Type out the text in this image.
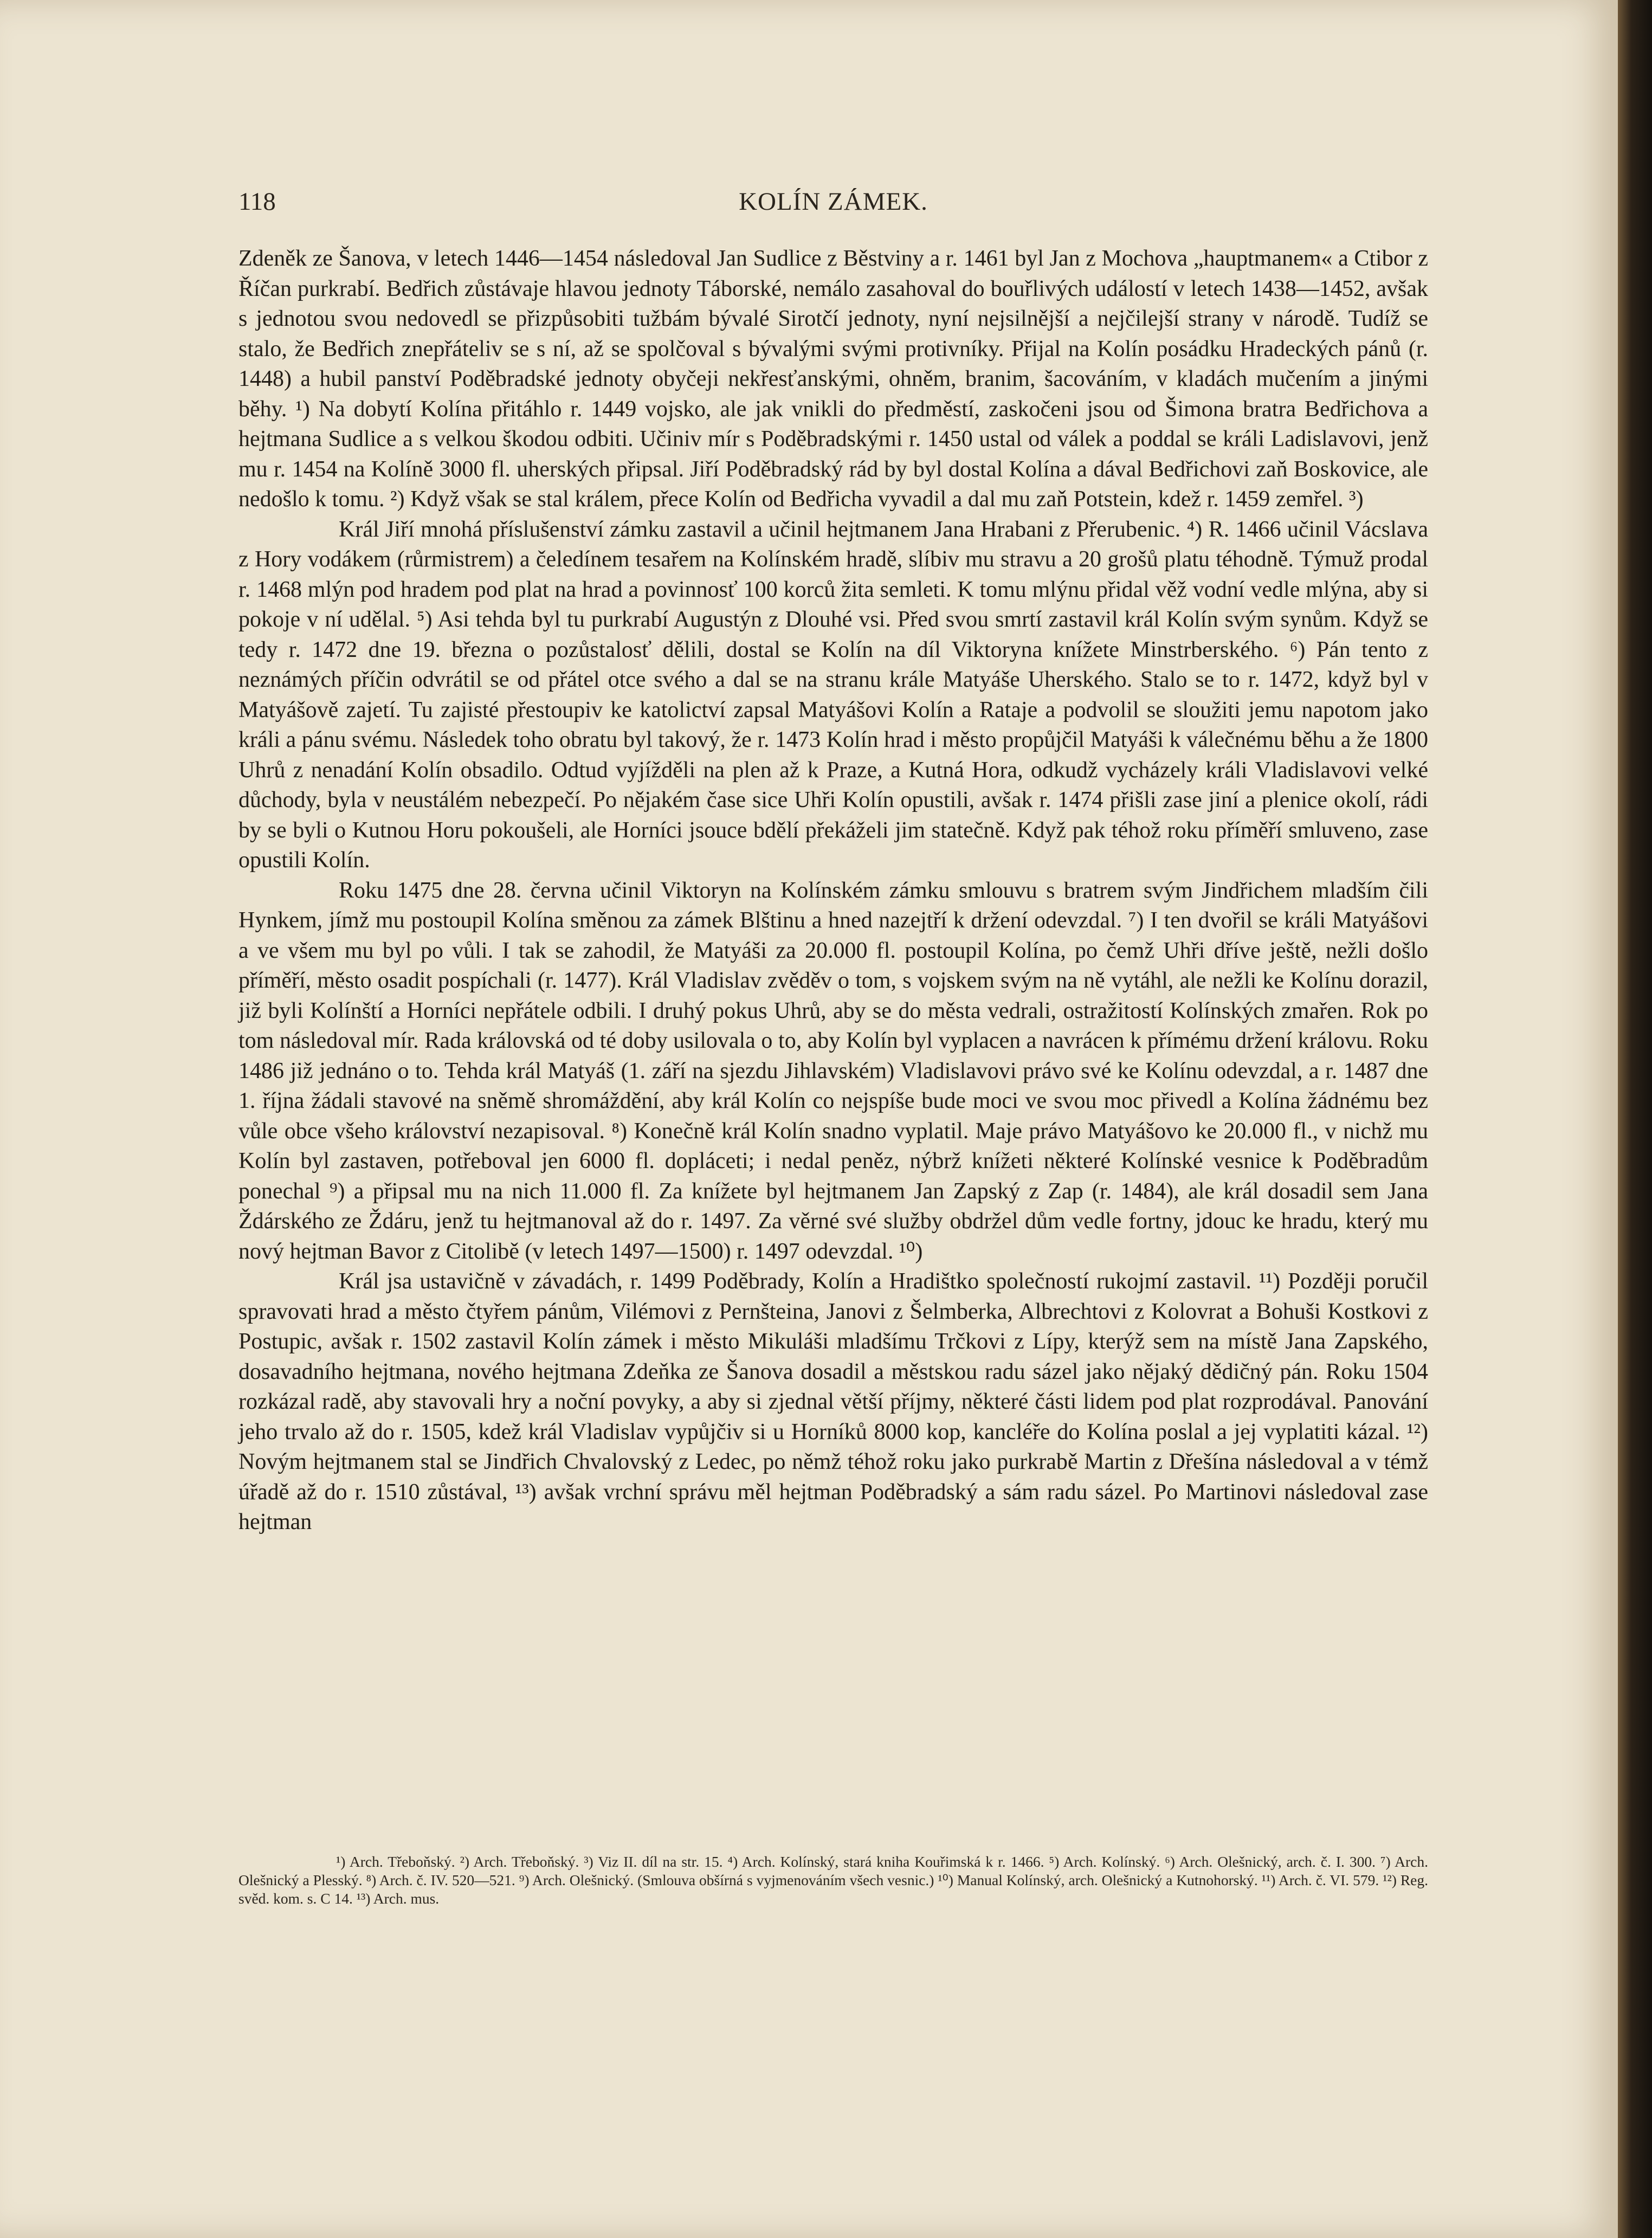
118	KOLÍN ZÁMEK.

Zdeněk ze Šanova, v letech 1446—1454 následoval Jan Sudlice z Běstviny a r. 1461 byl Jan z Mochova „hauptmanem« a Ctibor z Říčan purkrabí. Bedřich zůstávaje hlavou jednoty Táborské, nemálo zasahoval do bouřlivých událostí v letech 1438—1452, avšak s jednotou svou nedovedl se přizpůsobiti tužbám bývalé Sirotčí jednoty, nyní nejsilnější a nejčilejší strany v národě. Tudíž se stalo, že Bedřich znepřáteliv se s ní, až se spolčoval s bývalými svými protivníky. Přijal na Kolín posádku Hradeckých pánů (r. 1448) a hubil panství Poděbradské jednoty obyčeji nekřesťanskými, ohněm, branim, šacováním, v kladách mučením a jinými běhy. ¹) Na dobytí Kolína přitáhlo r. 1449 vojsko, ale jak vnikli do předměstí, zaskočeni jsou od Šimona bratra Bedřichova a hejtmana Sudlice a s velkou škodou odbiti. Učiniv mír s Poděbradskými r. 1450 ustal od válek a poddal se králi Ladislavovi, jenž mu r. 1454 na Kolíně 3000 fl. uherských připsal. Jiří Poděbradský rád by byl dostal Kolína a dával Bedřichovi zaň Boskovice, ale nedošlo k tomu. ²) Když však se stal králem, přece Kolín od Bedřicha vyvadil a dal mu zaň Potstein, kdež r. 1459 zemřel. ³)

Král Jiří mnohá příslušenství zámku zastavil a učinil hejtmanem Jana Hrabani z Přerubenic. ⁴) R. 1466 učinil Vácslava z Hory vodákem (růrmistrem) a čeledínem tesařem na Kolínském hradě, slíbiv mu stravu a 20 grošů platu téhodně. Týmuž prodal r. 1468 mlýn pod hradem pod plat na hrad a povinnosť 100 korců žita semleti. K tomu mlýnu přidal věž vodní vedle mlýna, aby si pokoje v ní udělal. ⁵) Asi tehda byl tu purkrabí Augustýn z Dlouhé vsi. Před svou smrtí zastavil král Kolín svým synům. Když se tedy r. 1472 dne 19. března o pozůstalosť dělili, dostal se Kolín na díl Viktoryna knížete Minstrberského. ⁶) Pán tento z neznámých příčin odvrátil se od přátel otce svého a dal se na stranu krále Matyáše Uherského. Stalo se to r. 1472, když byl v Matyášově zajetí. Tu zajisté přestoupiv ke katolictví zapsal Matyášovi Kolín a Rataje a podvolil se sloužiti jemu napotom jako králi a pánu svému. Následek toho obratu byl takový, že r. 1473 Kolín hrad i město propůjčil Matyáši k válečnému běhu a že 1800 Uhrů z nenadání Kolín obsadilo. Odtud vyjížděli na plen až k Praze, a Kutná Hora, odkudž vycházely králi Vladislavovi velké důchody, byla v neustálém nebezpečí. Po nějakém čase sice Uhři Kolín opustili, avšak r. 1474 přišli zase jiní a plenice okolí, rádi by se byli o Kutnou Horu pokoušeli, ale Horníci jsouce bdělí překáželi jim statečně. Když pak téhož roku příměří smluveno, zase opustili Kolín.

Roku 1475 dne 28. června učinil Viktoryn na Kolínském zámku smlouvu s bratrem svým Jindřichem mladším čili Hynkem, jímž mu postoupil Kolína směnou za zámek Blštinu a hned nazejtří k držení odevzdal. ⁷) I ten dvořil se králi Matyášovi a ve všem mu byl po vůli. I tak se zahodil, že Matyáši za 20.000 fl. postoupil Kolína, po čemž Uhři dříve ještě, nežli došlo příměří, město osadit pospíchali (r. 1477). Král Vladislav zvěděv o tom, s vojskem svým na ně vytáhl, ale nežli ke Kolínu dorazil, již byli Kolínští a Horníci nepřátele odbili. I druhý pokus Uhrů, aby se do města vedrali, ostražitostí Kolínských zmařen. Rok po tom následoval mír. Rada královská od té doby usilovala o to, aby Kolín byl vyplacen a navrácen k přímému držení královu. Roku 1486 již jednáno o to. Tehda král Matyáš (1. září na sjezdu Jihlavském) Vladislavovi právo své ke Kolínu odevzdal, a r. 1487 dne 1. října žádali stavové na sněmě shromáždění, aby král Kolín co nejspíše bude moci ve svou moc přivedl a Kolína žádnému bez vůle obce všeho království nezapisoval. ⁸) Konečně král Kolín snadno vyplatil. Maje právo Matyášovo ke 20.000 fl., v nichž mu Kolín byl zastaven, potřeboval jen 6000 fl. dopláceti; i nedal peněz, nýbrž knížeti některé Kolínské vesnice k Poděbradům ponechal ⁹) a připsal mu na nich 11.000 fl. Za knížete byl hejtmanem Jan Zapský z Zap (r. 1484), ale král dosadil sem Jana Ždárského ze Ždáru, jenž tu hejtmanoval až do r. 1497. Za věrné své služby obdržel dům vedle fortny, jdouc ke hradu, který mu nový hejtman Bavor z Citolibě (v letech 1497—1500) r. 1497 odevzdal. ¹⁰)

Král jsa ustavičně v závadách, r. 1499 Poděbrady, Kolín a Hradištko společností rukojmí zastavil. ¹¹) Později poručil spravovati hrad a město čtyřem pánům, Vilémovi z Pernšteina, Janovi z Šelmberka, Albrechtovi z Kolovrat a Bohuši Kostkovi z Postupic, avšak r. 1502 zastavil Kolín zámek i město Mikuláši mladšímu Trčkovi z Lípy, kterýž sem na místě Jana Zapského, dosavadního hejtmana, nového hejtmana Zdeňka ze Šanova dosadil a městskou radu sázel jako nějaký dědičný pán. Roku 1504 rozkázal radě, aby stavovali hry a noční povyky, a aby si zjednal větší příjmy, některé části lidem pod plat rozprodával. Panování jeho trvalo až do r. 1505, kdež král Vladislav vypůjčiv si u Horníků 8000 kop, kancléře do Kolína poslal a jej vyplatiti kázal. ¹²) Novým hejtmanem stal se Jindřich Chvalovský z Ledec, po němž téhož roku jako purkrabě Martin z Dřešína následoval a v témž úřadě až do r. 1510 zůstával, ¹³) avšak vrchní správu měl hejtman Poděbradský a sám radu sázel. Po Martinovi následoval zase hejtman

¹) Arch. Třeboňský. ²) Arch. Třeboňský. ³) Viz II. díl na str. 15. ⁴) Arch. Kolínský, stará kniha Kouřimská k r. 1466. ⁵) Arch. Kolínský. ⁶) Arch. Olešnický, arch. č. I. 300. ⁷) Arch. Olešnický a Plesský. ⁸) Arch. č. IV. 520—521. ⁹) Arch. Olešnický. (Smlouva obšírná s vyjmenováním všech vesnic.) ¹⁰) Manual Kolínský, arch. Olešnický a Kutnohorský. ¹¹) Arch. č. VI. 579. ¹²) Reg. svěd. kom. s. C 14. ¹³) Arch. mus.
